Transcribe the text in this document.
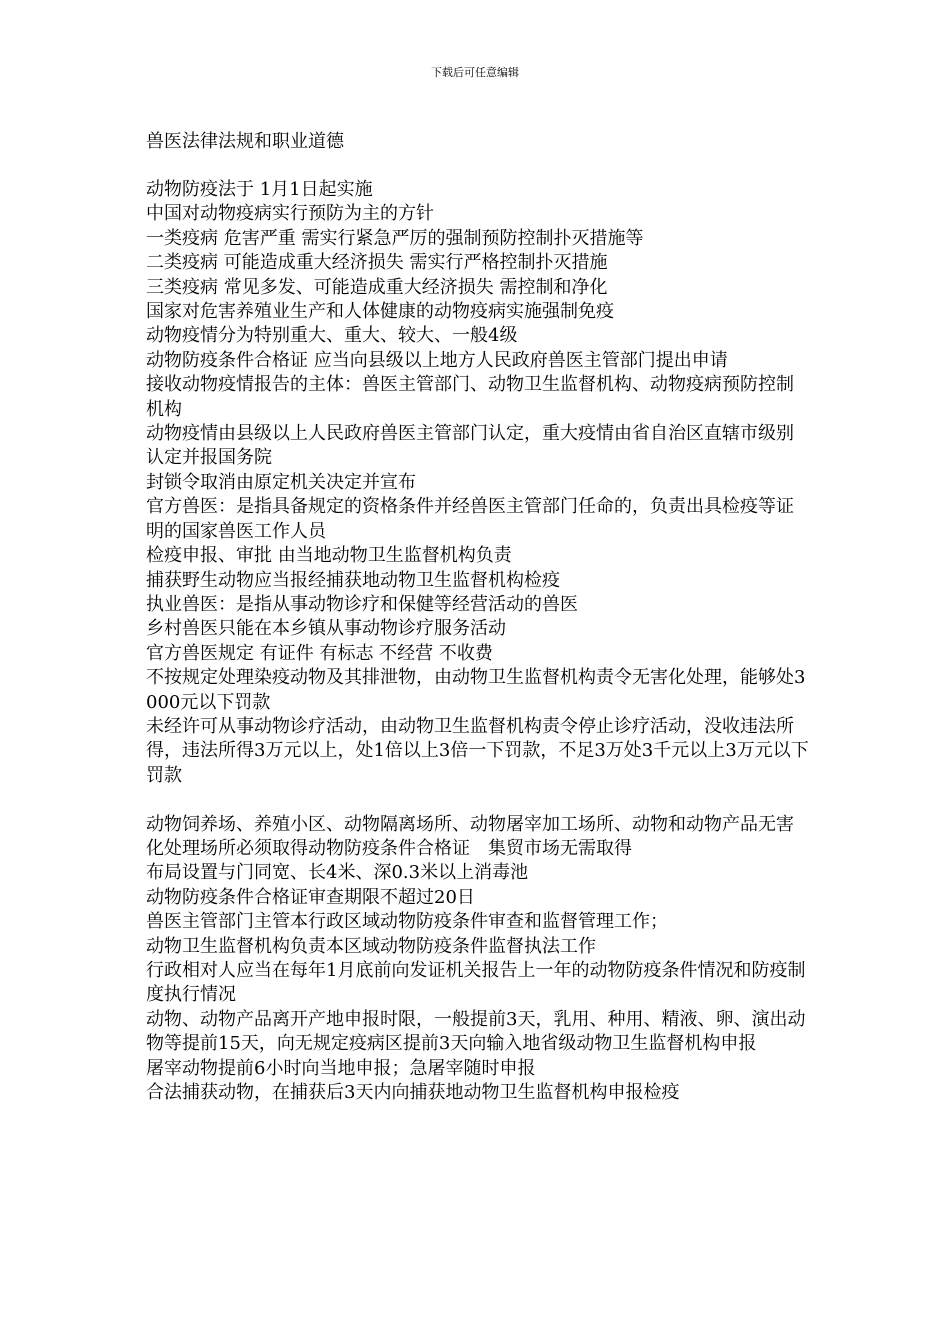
下载后可任意编辑
兽医法律法规和职业道德

动物防疫法于 1月1日起实施

中国对动物疫病实行预防为主的方针

一类疫病 危害严重 需实行紧急严厉的强制预防控制扑灭措施等

二类疫病 可能造成重大经济损失 需实行严格控制扑灭措施

三类疫病 常见多发、可能造成重大经济损失 需控制和净化

国家对危害养殖业生产和人体健康的动物疫病实施强制免疫

动物疫情分为特别重大、重大、较大、一般4级

动物防疫条件合格证 应当向县级以上地方人民政府兽医主管部门提出申请

接收动物疫情报告的主体：兽医主管部门、动物卫生监督机构、动物疫病预防控制机构

动物疫情由县级以上人民政府兽医主管部门认定，重大疫情由省自治区直辖市级别认定并报国务院

封锁令取消由原定机关决定并宣布

官方兽医：是指具备规定的资格条件并经兽医主管部门任命的，负责出具检疫等证明的国家兽医工作人员

检疫申报、审批 由当地动物卫生监督机构负责

捕获野生动物应当报经捕获地动物卫生监督机构检疫

执业兽医：是指从事动物诊疗和保健等经营活动的兽医

乡村兽医只能在本乡镇从事动物诊疗服务活动

官方兽医规定 有证件 有标志 不经营 不收费

不按规定处理染疫动物及其排泄物，由动物卫生监督机构责令无害化处理，能够处3000元以下罚款

未经许可从事动物诊疗活动，由动物卫生监督机构责令停止诊疗活动，没收违法所得，违法所得3万元以上，处1倍以上3倍一下罚款，不足3万处3千元以上3万元以下罚款

动物饲养场、养殖小区、动物隔离场所、动物屠宰加工场所、动物和动物产品无害化处理场所必须取得动物防疫条件合格证　集贸市场无需取得

布局设置与门同宽、长4米、深0.3米以上消毒池

动物防疫条件合格证审查期限不超过20日

兽医主管部门主管本行政区域动物防疫条件审查和监督管理工作；

动物卫生监督机构负责本区域动物防疫条件监督执法工作

行政相对人应当在每年1月底前向发证机关报告上一年的动物防疫条件情况和防疫制度执行情况

动物、动物产品离开产地申报时限，一般提前3天，乳用、种用、精液、卵、演出动物等提前15天，向无规定疫病区提前3天向输入地省级动物卫生监督机构申报

屠宰动物提前6小时向当地申报；急屠宰随时申报

合法捕获动物，在捕获后3天内向捕获地动物卫生监督机构申报检疫
